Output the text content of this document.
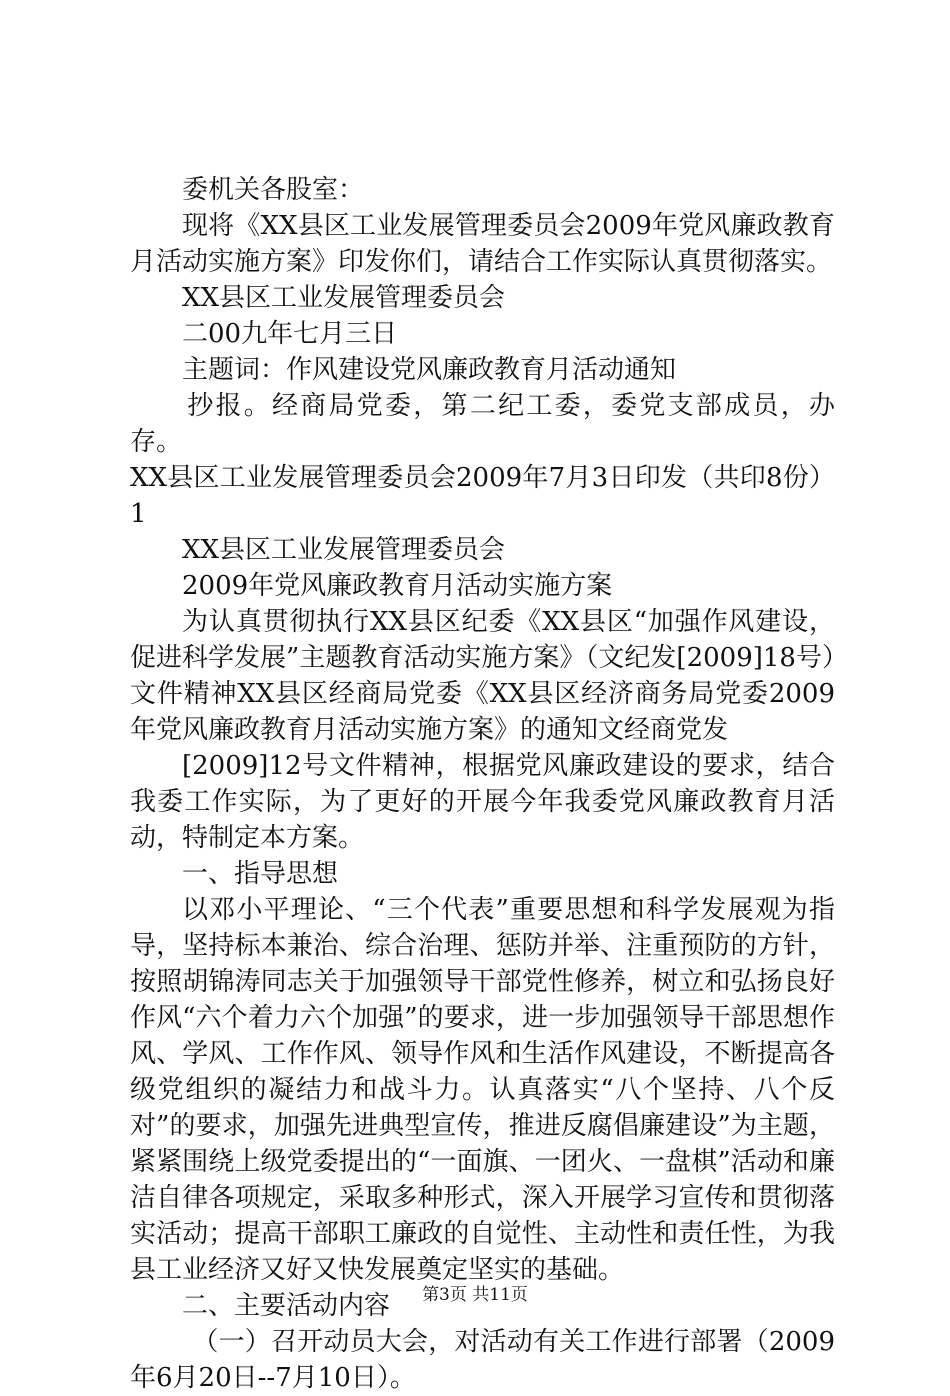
委机关各股室：

现将《XX县区工业发展管理委员会2009年党风廉政教育月活动实施方案》印发你们，请结合工作实际认真贯彻落实。

XX县区工业发展管理委员会

二00九年七月三日

主题词：作风建设党风廉政教育月活动通知

抄报。经商局党委，第二纪工委，委党支部成员，办存。

XX县区工业发展管理委员会2009年7月3日印发（共印8份）1

XX县区工业发展管理委员会

2009年党风廉政教育月活动实施方案

为认真贯彻执行XX县区纪委《XX县区“加强作风建设，促进科学发展”主题教育活动实施方案》（文纪发[2009]18号）文件精神XX县区经商局党委《XX县区经济商务局党委2009年党风廉政教育月活动实施方案》的通知文经商党发

[2009]12号文件精神，根据党风廉政建设的要求，结合我委工作实际，为了更好的开展今年我委党风廉政教育月活动，特制定本方案。

一、指导思想

以邓小平理论、“三个代表”重要思想和科学发展观为指导，坚持标本兼治、综合治理、惩防并举、注重预防的方针，按照胡锦涛同志关于加强领导干部党性修养，树立和弘扬良好作风“六个着力六个加强”的要求，进一步加强领导干部思想作风、学风、工作作风、领导作风和生活作风建设，不断提高各级党组织的凝结力和战斗力。认真落实“八个坚持、八个反对”的要求，加强先进典型宣传，推进反腐倡廉建设”为主题，紧紧围绕上级党委提出的“一面旗、一团火、一盘棋”活动和廉洁自律各项规定，采取多种形式，深入开展学习宣传和贯彻落实活动；提高干部职工廉政的自觉性、主动性和责任性，为我县工业经济又好又快发展奠定坚实的基础。

二、主要活动内容

（一）召开动员大会，对活动有关工作进行部署（2009年6月20日--7月10日）。

第3页 共11页
